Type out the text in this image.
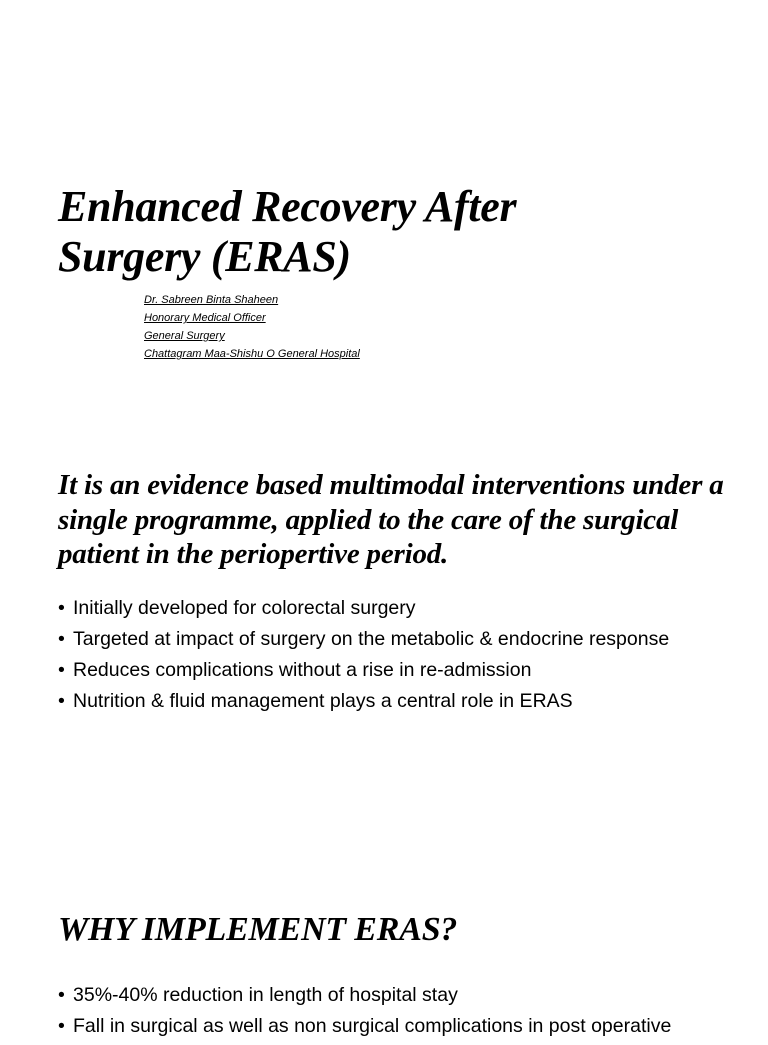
Enhanced Recovery After
Surgery (ERAS)
Dr. Sabreen Binta Shaheen
Honorary Medical Officer
General Surgery
Chattagram Maa-Shishu O General Hospital

It is an evidence based multimodal interventions under a single programme, applied to the care of the surgical patient in the periopertive period.

• Initially developed for colorectal surgery
• Targeted at impact of surgery on the metabolic & endocrine response
• Reduces complications without a rise in re-admission
• Nutrition & fluid management plays a central role in ERAS
WHY IMPLEMENT ERAS?
• 35%-40% reduction in length of hospital stay
• Fall in surgical as well as non surgical complications in post operative
